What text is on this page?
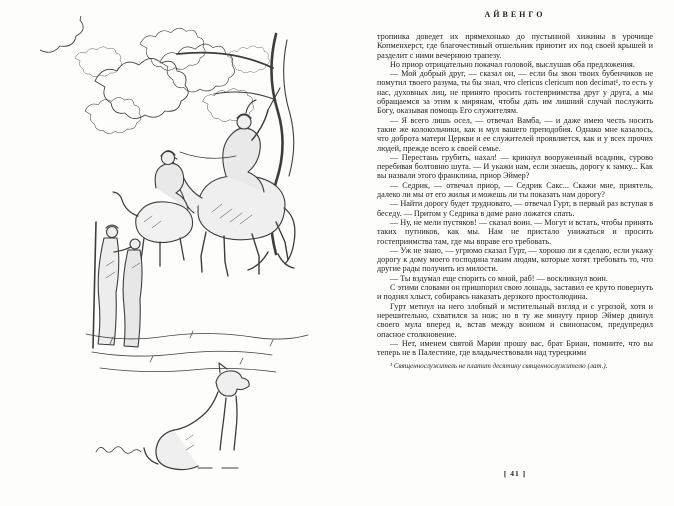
АЙВЕНГО

тропинка доведет их прямехонько до пустынной хижины в урочище Копменхерст, где благочестивый отшельник приютит их под своей крышей и разделит с ними вечернюю трапезу.

Но приор отрицательно покачал головой, выслушав оба предложения.

— Мой добрый друг, — сказал он, — если бы звон твоих бубенчиков не помутил твоего разума, ты бы знал, что clericus clericum non decimat¹, то есть у нас, духовных лиц, не принято просить гостеприимства друг у друга, а мы обращаемся за этим к мирянам, чтобы дать им лишний случай послужить Богу, оказывая помощь Его служителям.

— Я всего лишь осел, — отвечал Вамба, — и даже имею честь носить такие же колокольчики, как и мул вашего преподобия. Однако мне казалось, что доброта матери Церкви и ее служителей проявляется, как и у всех прочих людей, прежде всего к своей семье.

— Перестань грубить, нахал! — крикнул вооруженный всадник, сурово перебивая болтовню шута. — И укажи нам, если знаешь, дорогу к замку... Как вы назвали этого франклина, приор Эймер?

— Седрик, — отвечал приор, — Седрик Сакс... Скажи мне, приятель, далеко ли мы от его жилья и можешь ли ты показать нам дорогу?

— Найти дорогу будет трудновато, — отвечал Гурт, в первый раз вступая в беседу. — Притом у Седрика в доме рано ложатся спать.

— Ну, не мели пустяков! — сказал воин. — Могут и встать, чтобы принять таких путников, как мы. Нам не пристало унижаться и просить гостеприимства там, где мы вправе его требовать.

— Уж не знаю, — угрюмо сказал Гурт, — хорошо ли я сделаю, если укажу дорогу к дому моего господина таким людям, которые хотят требовать то, что другие рады получить из милости.

— Ты вздумал еще спорить со мной, раб! — воскликнул воин.

С этими словами он пришпорил свою лошадь, заставил ее круто повернуть и поднял хлыст, собираясь наказать дерзкого простолюдина.

Гурт метнул на него злобный и мстительный взгляд и с угрозой, хотя и нерешительно, схватился за нож; но в ту же минуту приор Эймер двинул своего мула вперед и, встав между воином и свинопасом, предупредил опасное столкновение.

— Нет, именем святой Марии прошу вас, брат Бриан, помните, что вы теперь не в Палестине, где владычествовали над турецкими

¹ Священнослужитель не платит десятину священнослужителю (лат.).
[ 41 ]
